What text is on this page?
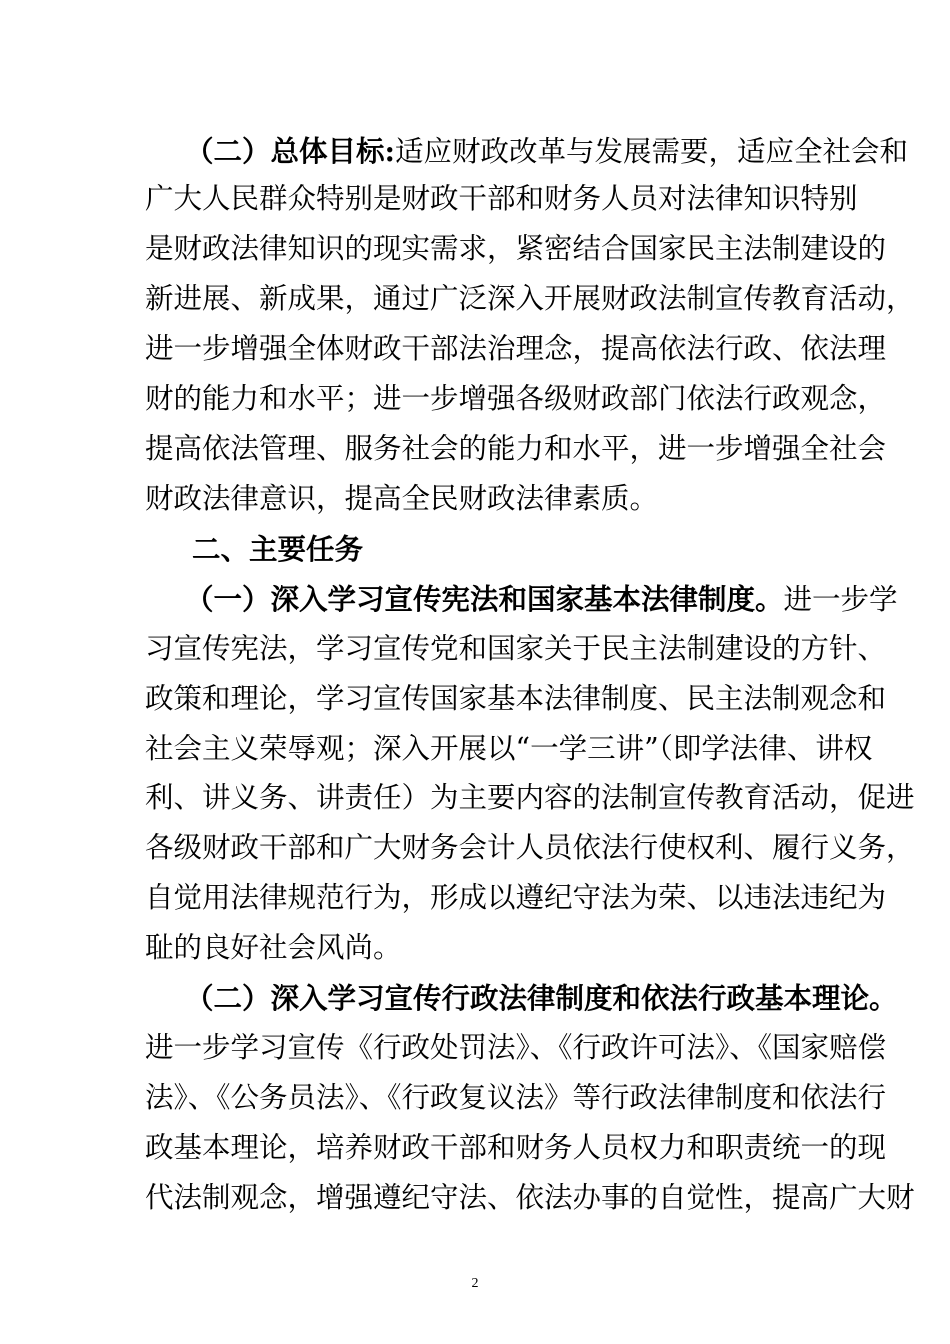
（二）总体目标:适应财政改革与发展需要，适应全社会和
广大人民群众特别是财政干部和财务人员对法律知识特别
是财政法律知识的现实需求，紧密结合国家民主法制建设的
新进展、新成果，通过广泛深入开展财政法制宣传教育活动，
进一步增强全体财政干部法治理念，提高依法行政、依法理
财的能力和水平；进一步增强各级财政部门依法行政观念，
提高依法管理、服务社会的能力和水平，进一步增强全社会
财政法律意识，提高全民财政法律素质。
二、主要任务
（一）深入学习宣传宪法和国家基本法律制度。进一步学
习宣传宪法，学习宣传党和国家关于民主法制建设的方针、
政策和理论，学习宣传国家基本法律制度、民主法制观念和
社会主义荣辱观；深入开展以“一学三讲”（即学法律、讲权
利、讲义务、讲责任）为主要内容的法制宣传教育活动，促进
各级财政干部和广大财务会计人员依法行使权利、履行义务，
自觉用法律规范行为，形成以遵纪守法为荣、以违法违纪为
耻的良好社会风尚。
（二）深入学习宣传行政法律制度和依法行政基本理论。
进一步学习宣传《行政处罚法》、《行政许可法》、《国家赔偿
法》、《公务员法》、《行政复议法》等行政法律制度和依法行
政基本理论，培养财政干部和财务人员权力和职责统一的现
代法制观念，增强遵纪守法、依法办事的自觉性，提高广大财
2
